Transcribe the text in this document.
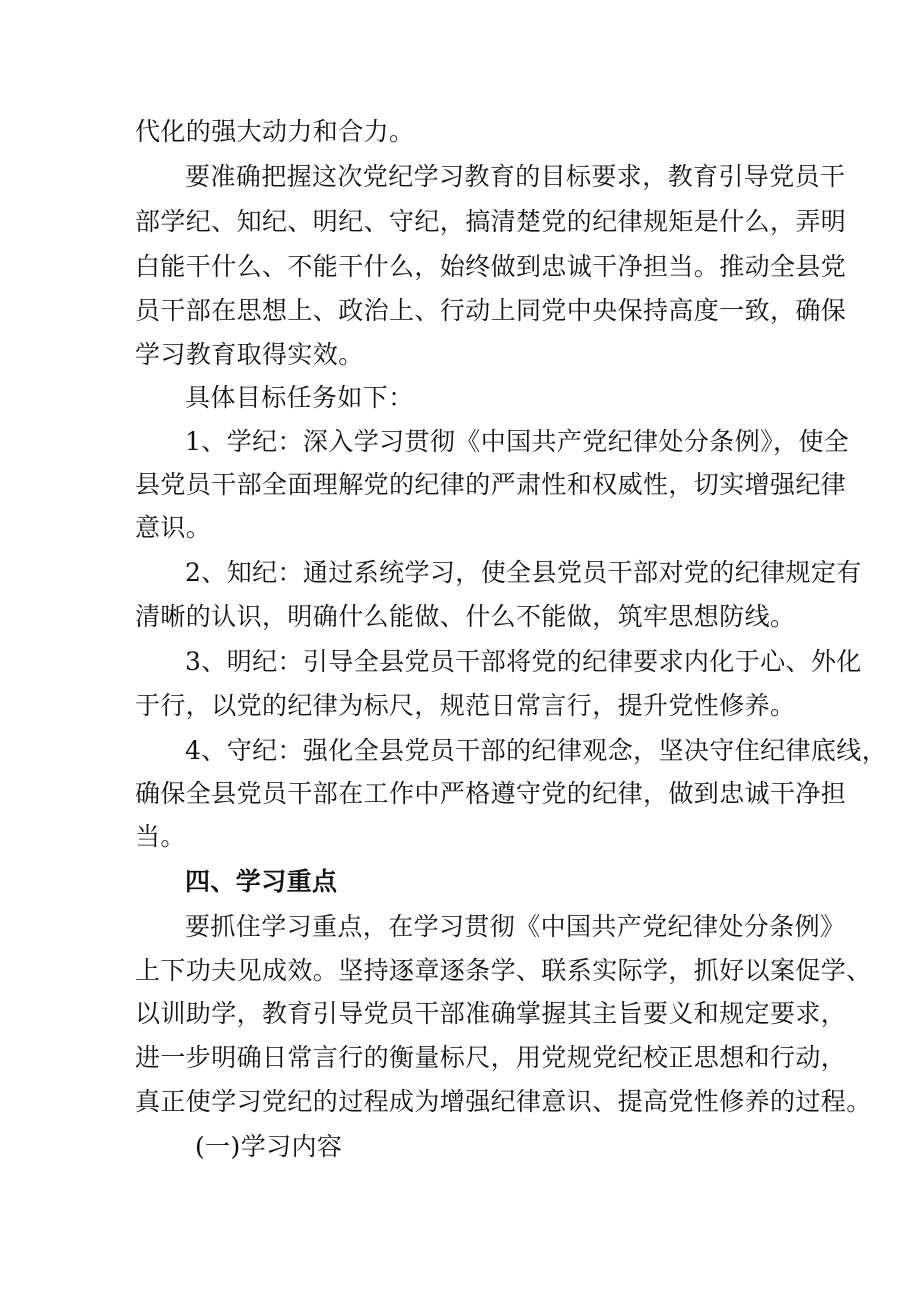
代化的强大动力和合力。

要准确把握这次党纪学习教育的目标要求，教育引导党员干

部学纪、知纪、明纪、守纪，搞清楚党的纪律规矩是什么，弄明

白能干什么、不能干什么，始终做到忠诚干净担当。推动全县党

员干部在思想上、政治上、行动上同党中央保持高度一致，确保

学习教育取得实效。

具体目标任务如下：

1、学纪：深入学习贯彻《中国共产党纪律处分条例》，使全

县党员干部全面理解党的纪律的严肃性和权威性，切实增强纪律

意识。

2、知纪：通过系统学习，使全县党员干部对党的纪律规定有

清晰的认识，明确什么能做、什么不能做，筑牢思想防线。

3、明纪：引导全县党员干部将党的纪律要求内化于心、外化

于行，以党的纪律为标尺，规范日常言行，提升党性修养。

4、守纪：强化全县党员干部的纪律观念，坚决守住纪律底线，

确保全县党员干部在工作中严格遵守党的纪律，做到忠诚干净担

当。

四、学习重点

要抓住学习重点，在学习贯彻《中国共产党纪律处分条例》

上下功夫见成效。坚持逐章逐条学、联系实际学，抓好以案促学、

以训助学，教育引导党员干部准确掌握其主旨要义和规定要求，

进一步明确日常言行的衡量标尺，用党规党纪校正思想和行动，

真正使学习党纪的过程成为增强纪律意识、提高党性修养的过程。

(一)学习内容
